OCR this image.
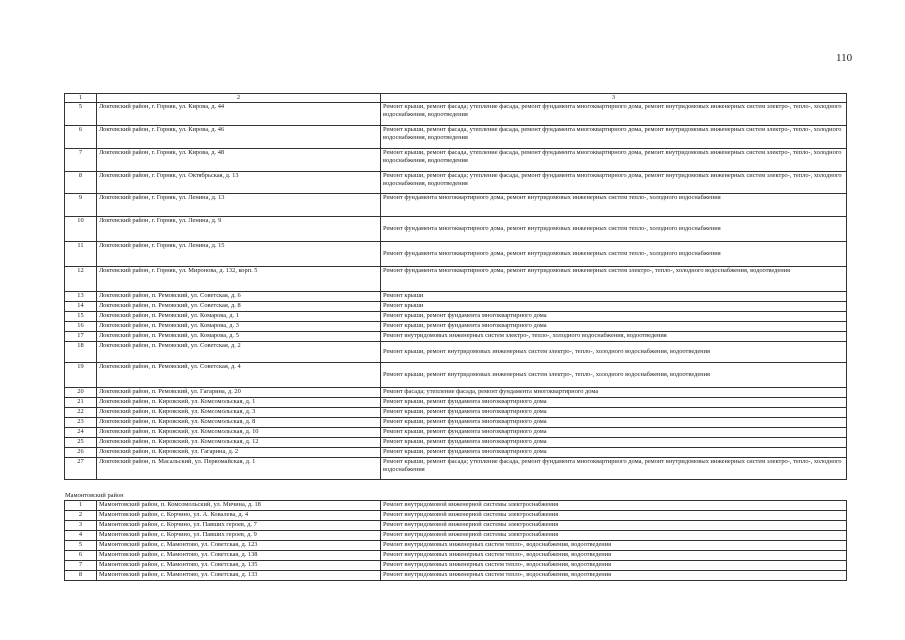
110
1	2	3
5	Локтевский район, г. Горняк, ул. Кирова, д. 44	Ремонт крыши, ремонт фасада; утепление фасада, ремонт фундамента многоквартирного дома, ремонт внутридомовых инженерных систем электро-, тепло-, холодного водоснабжения, водоотведения
6	Локтевский район, г. Горняк, ул. Кирова, д. 46	Ремонт крыши, ремонт фасада, утепление фасада, ремонт фундамента многоквартирного дома, ремонт внутридомовых инженерных систем электро-, тепло-, холодного водоснабжения, водоотведения
7	Локтевский район, г. Горняк, ул. Кирова, д. 48	Ремонт крыши, ремонт фасада, утепление фасада, ремонт фундамента многоквартирного дома, ремонт внутридомовых инженерных систем электро-, тепло-, холодного водоснабжения, водоотведения
8	Локтевский район, г. Горняк, ул. Октябрьская, д. 13	Ремонт крыши, ремонт фасада; утепление фасада, ремонт фундамента многоквартирного дома, ремонт внутридомовых инженерных систем электро-, тепло-, холодного водоснабжения, водоотведения
9	Локтевский район, г. Горняк, ул. Ленина, д. 13	Ремонт фундамента многоквартирного дома, ремонт внутридомовых инженерных систем тепло-, холодного водоснабжения
10	Локтевский район, г. Горняк, ул. Ленина, д. 9	Ремонт фундамента многоквартирного дома, ремонт внутридомовых инженерных систем тепло-, холодного водоснабжения
11	Локтевский район, г. Горняк, ул. Ленина, д. 15	Ремонт фундамента многоквартирного дома, ремонт внутридомовых инженерных систем тепло-, холодного водоснабжения
12	Локтевский район, г. Горняк, ул. Миронова, д. 132, корп. 5	Ремонт фундамента многоквартирного дома, ремонт внутридомовых инженерных систем электро-, тепло-, холодного водоснабжения, водоотведения
13	Локтевский район, п. Ремовский, ул. Советская, д. 6	Ремонт крыши
14	Локтевский район, п. Ремовский, ул. Советская, д. 8	Ремонт крыши
15	Локтевский район, п. Ремовский, ул. Комарова, д. 1	Ремонт крыши, ремонт фундамента многоквартирного дома
16	Локтевский район, п. Ремовский, ул. Комарова, д. 3	Ремонт крыши, ремонт фундамента многоквартирного дома
17	Локтевский район, п. Ремовский, ул. Комарова, д. 5	Ремонт внутридомовых инженерных систем электро-, тепло-, холодного водоснабжения, водоотведения
18	Локтевский район, п. Ремовский, ул. Советская, д. 2	Ремонт крыши, ремонт внутридомовых инженерных систем электро-, тепло-, холодного водоснабжения, водоотведения
19	Локтевский район, п. Ремовский, ул. Советская, д. 4	Ремонт крыши, ремонт внутридомовых инженерных систем электро-, тепло-, холодного водоснабжения, водоотведения
20	Локтевский район, п. Ремовский, ул. Гагарина, д. 20	Ремонт фасада; утепление фасада, ремонт фундамента многоквартирного дома
21	Локтевский район, п. Кировский, ул. Комсомольская, д. 1	Ремонт крыши, ремонт фундамента многоквартирного дома
22	Локтевский район, п. Кировский, ул. Комсомольская, д. 3	Ремонт крыши, ремонт фундамента многоквартирного дома
23	Локтевский район, п. Кировский, ул. Комсомольская, д. 8	Ремонт крыши, ремонт фундамента многоквартирного дома
24	Локтевский район, п. Кировский, ул. Комсомольская, д. 10	Ремонт крыши, ремонт фундамента многоквартирного дома
25	Локтевский район, п. Кировский, ул. Комсомольская, д. 12	Ремонт крыши, ремонт фундамента многоквартирного дома
26	Локтевский район, п. Кировский, ул. Гагарина, д. 2	Ремонт крыши, ремонт фундамента многоквартирного дома
27	Локтевский район, п. Масальский, ул. Первомайская, д. 1	Ремонт крыши, ремонт фасада; утепление фасада, ремонт фундамента многоквартирного дома, ремонт внутридомовых инженерных систем электро-, тепло-, холодного водоснабжения
Мамонтовский район		
1	Мамонтовский район, п. Комсомольский, ул. Мичина, д. 18	Ремонт внутридомовой инженерной системы электроснабжения
2	Мамонтовский район, с. Корчино, ул. А. Ковалева, д. 4	Ремонт внутридомовой инженерной системы электроснабжения
3	Мамонтовский район, с. Корчино, ул. Павших героев, д. 7	Ремонт внутридомовой инженерной системы электроснабжения
4	Мамонтовский район, с. Корчино, ул. Павших героев, д. 9	Ремонт внутридомовой инженерной системы электроснабжения
5	Мамонтовский район, с. Мамонтово, ул. Советская, д. 123	Ремонт внутридомовых инженерных систем тепло-, водоснабжения, водоотведения
6	Мамонтовский район, с. Мамонтово, ул. Советская, д. 138	Ремонт внутридомовых инженерных систем тепло-, водоснабжения, водоотведения
7	Мамонтовский район, с. Мамонтово, ул. Советская, д. 135	Ремонт внутридомовых инженерных систем тепло-, водоснабжения, водоотведения
8	Мамонтовский район, с. Мамонтово, ул. Советская, д. 133	Ремонт внутридомовых инженерных систем тепло-, водоснабжения, водоотведения
